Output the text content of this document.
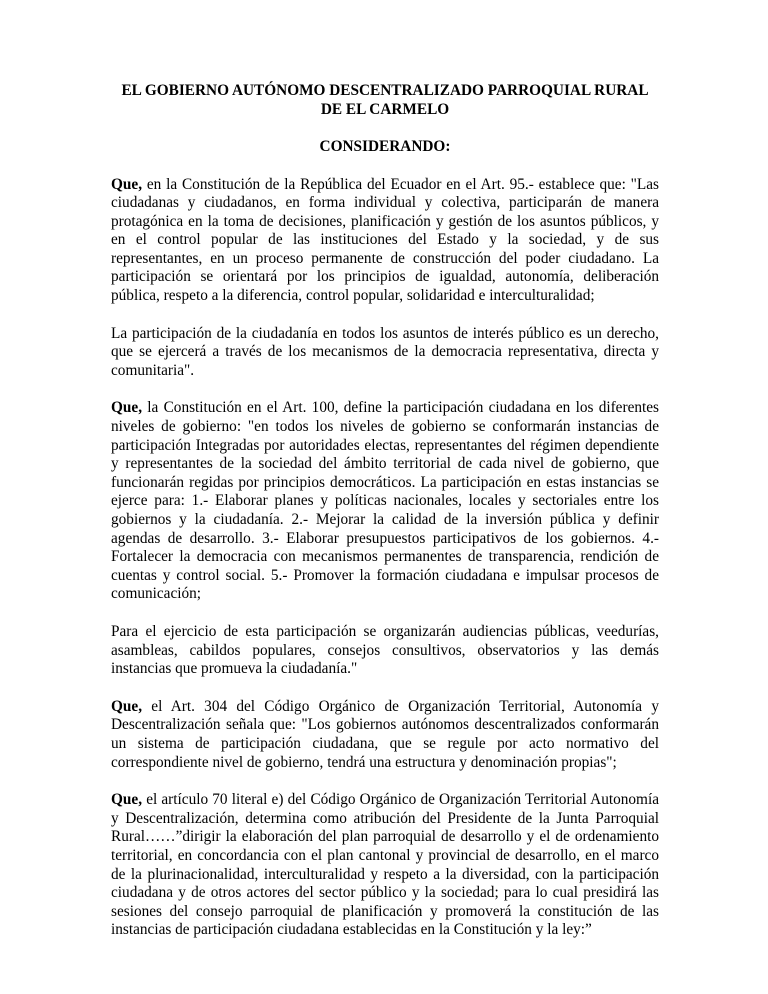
EL GOBIERNO AUTÓNOMO DESCENTRALIZADO PARROQUIAL RURAL
DE EL CARMELO
CONSIDERANDO:

Que, en la Constitución de la República del Ecuador en el Art. 95.- establece que: "Las ciudadanas y ciudadanos, en forma individual y colectiva, participarán de manera protagónica en la toma de decisiones, planificación y gestión de los asuntos públicos, y en el control popular de las instituciones del Estado y la sociedad, y de sus representantes, en un proceso permanente de construcción del poder ciudadano. La participación se orientará por los principios de igualdad, autonomía, deliberación pública, respeto a la diferencia, control popular, solidaridad e interculturalidad;

La participación de la ciudadanía en todos los asuntos de interés público es un derecho, que se ejercerá a través de los mecanismos de la democracia representativa, directa y comunitaria".

Que, la Constitución en el Art. 100, define la participación ciudadana en los diferentes niveles de gobierno: "en todos los niveles de gobierno se conformarán instancias de participación Integradas por autoridades electas, representantes del régimen dependiente y representantes de la sociedad del ámbito territorial de cada nivel de gobierno, que funcionarán regidas por principios democráticos. La participación en estas instancias se ejerce para: 1.- Elaborar planes y políticas nacionales, locales y sectoriales entre los gobiernos y la ciudadanía. 2.- Mejorar la calidad de la inversión pública y definir agendas de desarrollo. 3.- Elaborar presupuestos participativos de los gobiernos. 4.- Fortalecer la democracia con mecanismos permanentes de transparencia, rendición de cuentas y control social. 5.- Promover la formación ciudadana e impulsar procesos de comunicación;

Para el ejercicio de esta participación se organizarán audiencias públicas, veedurías, asambleas, cabildos populares, consejos consultivos, observatorios y las demás instancias que promueva la ciudadanía."

Que, el Art. 304 del Código Orgánico de Organización Territorial, Autonomía y Descentralización señala que: "Los gobiernos autónomos descentralizados conformarán un sistema de participación ciudadana, que se regule por acto normativo del correspondiente nivel de gobierno, tendrá una estructura y denominación propias";

Que, el artículo 70 literal e) del Código Orgánico de Organización Territorial Autonomía y Descentralización, determina como atribución del Presidente de la Junta Parroquial Rural……”dirigir la elaboración del plan parroquial de desarrollo y el de ordenamiento territorial, en concordancia con el plan cantonal y provincial de desarrollo, en el marco de la plurinacionalidad, interculturalidad y respeto a la diversidad, con la participación ciudadana y de otros actores del sector público y la sociedad; para lo cual presidirá las sesiones del consejo parroquial de planificación y promoverá la constitución de las instancias de participación ciudadana establecidas en la Constitución y la ley:”
